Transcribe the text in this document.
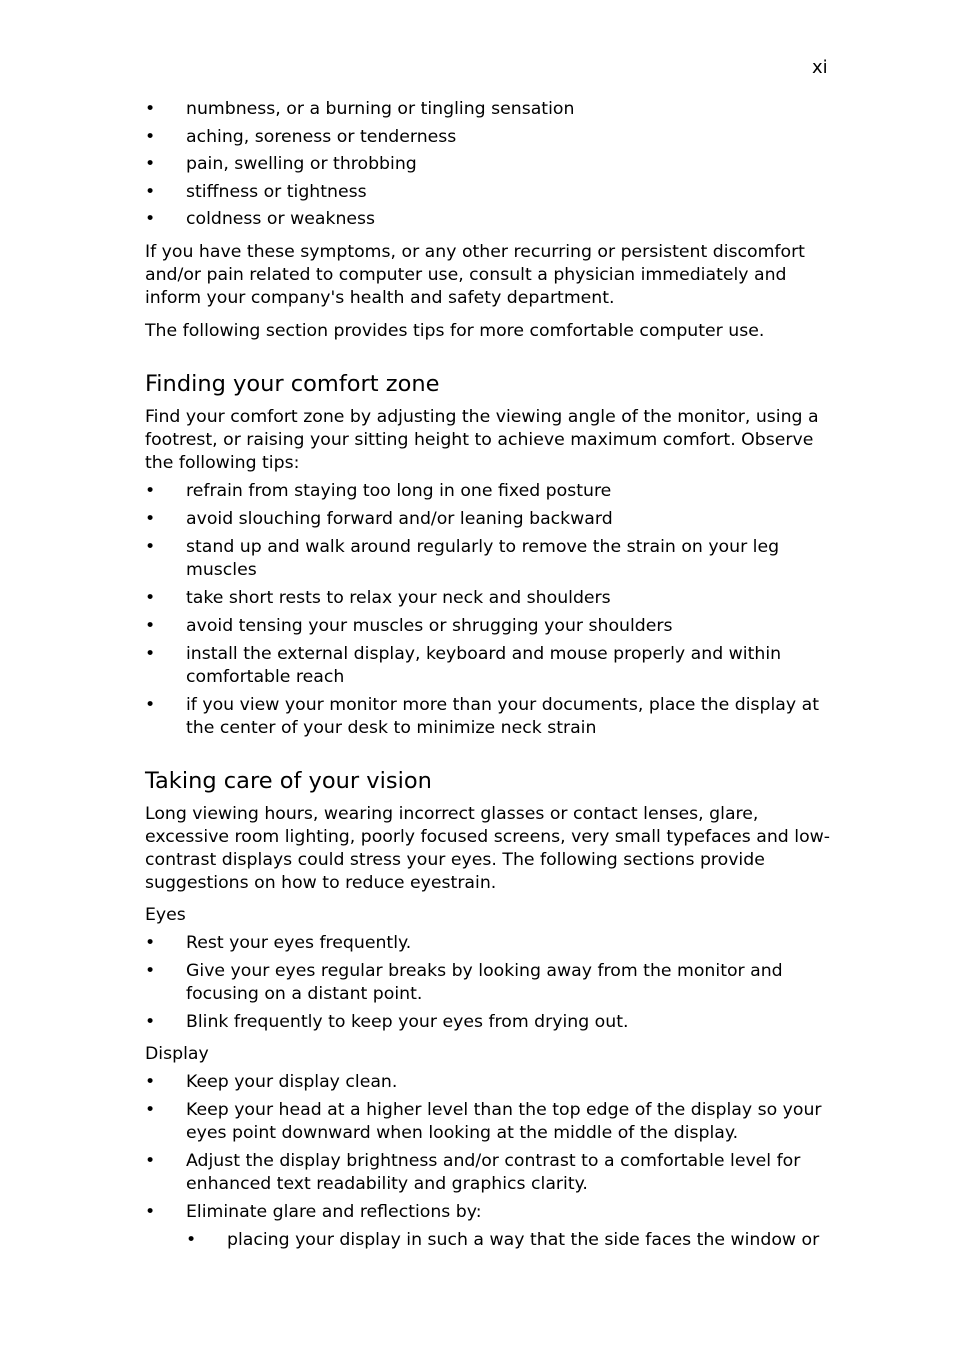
xi
• numbness, or a burning or tingling sensation
• aching, soreness or tenderness
• pain, swelling or throbbing
• stiffness or tightness
• coldness or weakness

If you have these symptoms, or any other recurring or persistent discomfort and/or pain related to computer use, consult a physician immediately and inform your company's health and safety department.

The following section provides tips for more comfortable computer use.

Finding your comfort zone

Find your comfort zone by adjusting the viewing angle of the monitor, using a footrest, or raising your sitting height to achieve maximum comfort. Observe the following tips:

• refrain from staying too long in one fixed posture
• avoid slouching forward and/or leaning backward
• stand up and walk around regularly to remove the strain on your leg muscles
• take short rests to relax your neck and shoulders
• avoid tensing your muscles or shrugging your shoulders
• install the external display, keyboard and mouse properly and within comfortable reach
• if you view your monitor more than your documents, place the display at the center of your desk to minimize neck strain
Taking care of your vision

Long viewing hours, wearing incorrect glasses or contact lenses, glare, excessive room lighting, poorly focused screens, very small typefaces and low-contrast displays could stress your eyes. The following sections provide suggestions on how to reduce eyestrain.

Eyes

• Rest your eyes frequently.
• Give your eyes regular breaks by looking away from the monitor and focusing on a distant point.
• Blink frequently to keep your eyes from drying out.

Display

• Keep your display clean.
• Keep your head at a higher level than the top edge of the display so your eyes point downward when looking at the middle of the display.
• Adjust the display brightness and/or contrast to a comfortable level for enhanced text readability and graphics clarity.
• Eliminate glare and reflections by:
• placing your display in such a way that the side faces the window or
